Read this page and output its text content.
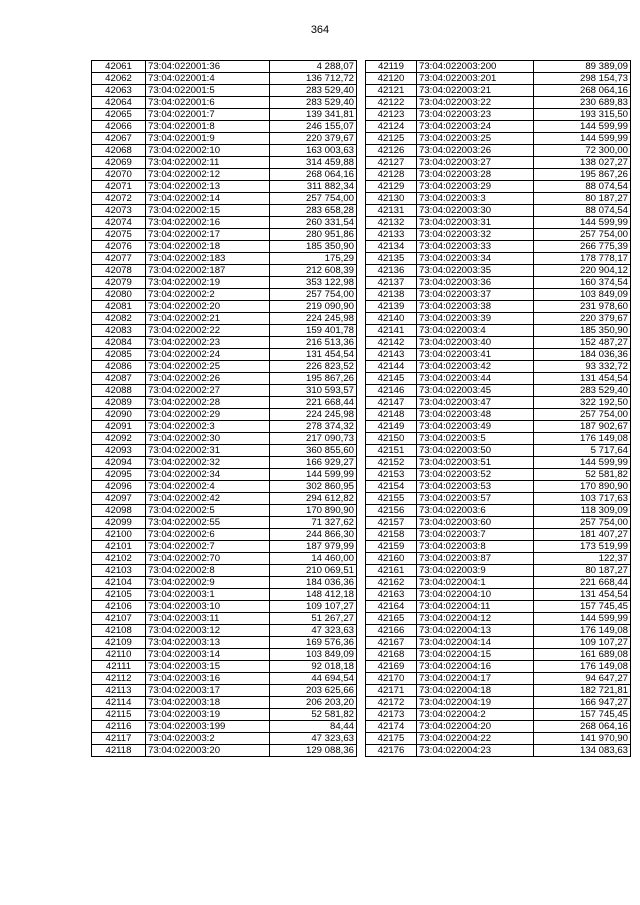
364
42061	73:04:022001:36	4 288,07
42062	73:04:022001:4	136 712,72
42063	73:04:022001:5	283 529,40
42064	73:04:022001:6	283 529,40
42065	73:04:022001:7	139 341,81
42066	73:04:022001:8	246 155,07
42067	73:04:022001:9	220 379,67
42068	73:04:022002:10	163 003,63
42069	73:04:022002:11	314 459,88
42070	73:04:022002:12	268 064,16
42071	73:04:022002:13	311 882,34
42072	73:04:022002:14	257 754,00
42073	73:04:022002:15	283 658,28
42074	73:04:022002:16	260 331,54
42075	73:04:022002:17	280 951,86
42076	73:04:022002:18	185 350,90
42077	73:04:022002:183	175,29
42078	73:04:022002:187	212 608,39
42079	73:04:022002:19	353 122,98
42080	73:04:022002:2	257 754,00
42081	73:04:022002:20	219 090,90
42082	73:04:022002:21	224 245,98
42083	73:04:022002:22	159 401,78
42084	73:04:022002:23	216 513,36
42085	73:04:022002:24	131 454,54
42086	73:04:022002:25	226 823,52
42087	73:04:022002:26	195 867,26
42088	73:04:022002:27	310 593,57
42089	73:04:022002:28	221 668,44
42090	73:04:022002:29	224 245,98
42091	73:04:022002:3	278 374,32
42092	73:04:022002:30	217 090,73
42093	73:04:022002:31	360 855,60
42094	73:04:022002:32	166 929,27
42095	73:04:022002:34	144 599,99
42096	73:04:022002:4	302 860,95
42097	73:04:022002:42	294 612,82
42098	73:04:022002:5	170 890,90
42099	73:04:022002:55	71 327,62
42100	73:04:022002:6	244 866,30
42101	73:04:022002:7	187 979,99
42102	73:04:022002:70	14 460,00
42103	73:04:022002:8	210 069,51
42104	73:04:022002:9	184 036,36
42105	73:04:022003:1	148 412,18
42106	73:04:022003:10	109 107,27
42107	73:04:022003:11	51 267,27
42108	73:04:022003:12	47 323,63
42109	73:04:022003:13	169 576,36
42110	73:04:022003:14	103 849,09
42111	73:04:022003:15	92 018,18
42112	73:04:022003:16	44 694,54
42113	73:04:022003:17	203 625,66
42114	73:04:022003:18	206 203,20
42115	73:04:022003:19	52 581,82
42116	73:04:022003:199	84,44
42117	73:04:022003:2	47 323,63
42118	73:04:022003:20	129 088,36
42119	73:04:022003:200	89 389,09
42120	73:04:022003:201	298 154,73
42121	73:04:022003:21	268 064,16
42122	73:04:022003:22	230 689,83
42123	73:04:022003:23	193 315,50
42124	73:04:022003:24	144 599,99
42125	73:04:022003:25	144 599,99
42126	73:04:022003:26	72 300,00
42127	73:04:022003:27	138 027,27
42128	73:04:022003:28	195 867,26
42129	73:04:022003:29	88 074,54
42130	73:04:022003:3	80 187,27
42131	73:04:022003:30	88 074,54
42132	73:04:022003:31	144 599,99
42133	73:04:022003:32	257 754,00
42134	73:04:022003:33	266 775,39
42135	73:04:022003:34	178 778,17
42136	73:04:022003:35	220 904,12
42137	73:04:022003:36	160 374,54
42138	73:04:022003:37	103 849,09
42139	73:04:022003:38	231 978,60
42140	73:04:022003:39	220 379,67
42141	73:04:022003:4	185 350,90
42142	73:04:022003:40	152 487,27
42143	73:04:022003:41	184 036,36
42144	73:04:022003:42	93 332,72
42145	73:04:022003:44	131 454,54
42146	73:04:022003:45	283 529,40
42147	73:04:022003:47	322 192,50
42148	73:04:022003:48	257 754,00
42149	73:04:022003:49	187 902,67
42150	73:04:022003:5	176 149,08
42151	73:04:022003:50	5 717,64
42152	73:04:022003:51	144 599,99
42153	73:04:022003:52	52 581,82
42154	73:04:022003:53	170 890,90
42155	73:04:022003:57	103 717,63
42156	73:04:022003:6	118 309,09
42157	73:04:022003:60	257 754,00
42158	73:04:022003:7	181 407,27
42159	73:04:022003:8	173 519,99
42160	73:04:022003:87	122,37
42161	73:04:022003:9	80 187,27
42162	73:04:022004:1	221 668,44
42163	73:04:022004:10	131 454,54
42164	73:04:022004:11	157 745,45
42165	73:04:022004:12	144 599,99
42166	73:04:022004:13	176 149,08
42167	73:04:022004:14	109 107,27
42168	73:04:022004:15	161 689,08
42169	73:04:022004:16	176 149,08
42170	73:04:022004:17	94 647,27
42171	73:04:022004:18	182 721,81
42172	73:04:022004:19	166 947,27
42173	73:04:022004:2	157 745,45
42174	73:04:022004:20	268 064,16
42175	73:04:022004:22	141 970,90
42176	73:04:022004:23	134 083,63
